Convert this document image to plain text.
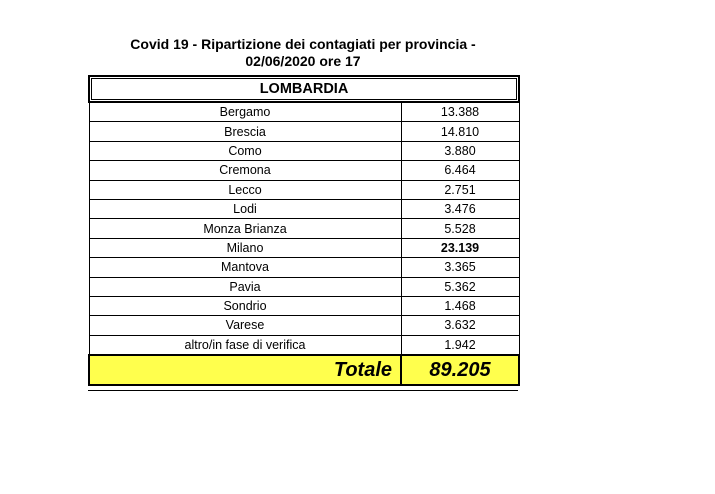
Covid 19 - Ripartizione dei contagiati per provincia -
02/06/2020 ore 17
LOMBARDIA	

Bergamo	13.388
Brescia	14.810
Como	3.880
Cremona	6.464
Lecco	2.751
Lodi	3.476
Monza Brianza	5.528
Milano	23.139
Mantova	3.365
Pavia	5.362
Sondrio	1.468
Varese	3.632
altro/in fase di verifica	1.942
Totale	89.205
